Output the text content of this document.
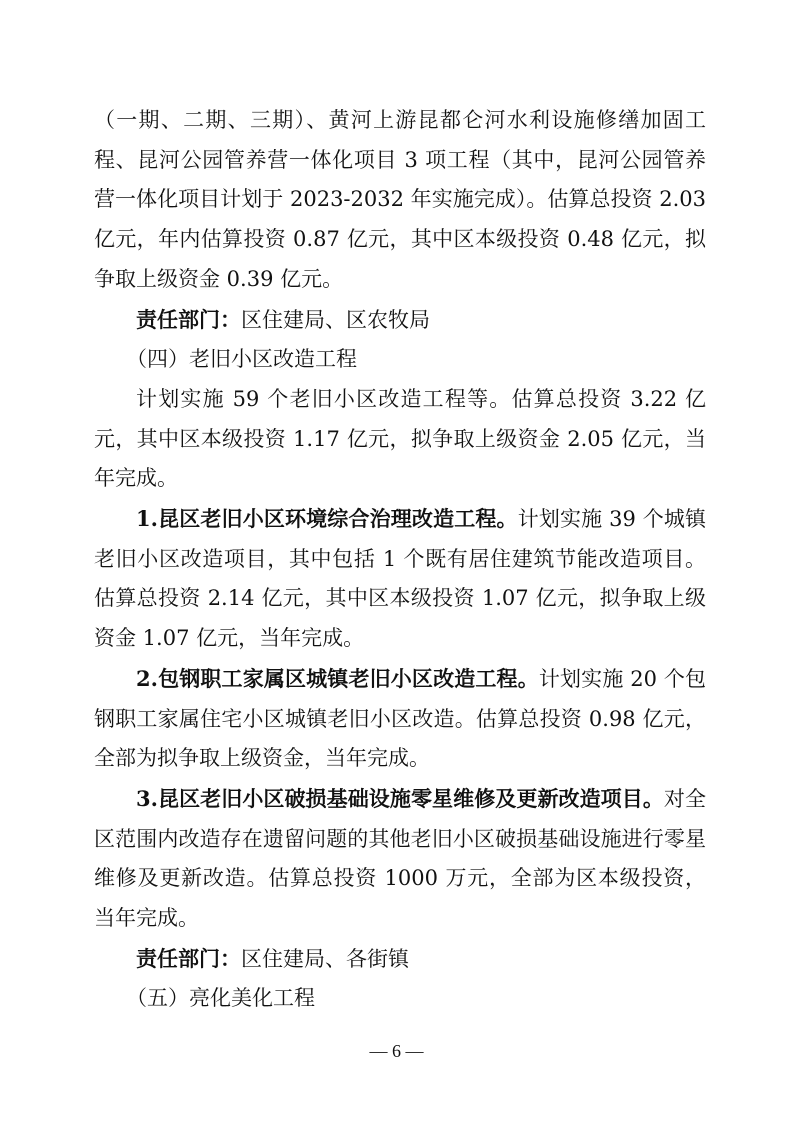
（一期、二期、三期）、黄河上游昆都仑河水利设施修缮加固工程、昆河公园管养营一体化项目 3 项工程（其中，昆河公园管养营一体化项目计划于 2023-2032 年实施完成）。估算总投资 2.03 亿元，年内估算投资 0.87 亿元，其中区本级投资 0.48 亿元，拟争取上级资金 0.39 亿元。

责任部门：区住建局、区农牧局

（四）老旧小区改造工程

计划实施 59 个老旧小区改造工程等。估算总投资 3.22 亿元，其中区本级投资 1.17 亿元，拟争取上级资金 2.05 亿元，当年完成。

1.昆区老旧小区环境综合治理改造工程。计划实施 39 个城镇老旧小区改造项目，其中包括 1 个既有居住建筑节能改造项目。估算总投资 2.14 亿元，其中区本级投资 1.07 亿元，拟争取上级资金 1.07 亿元，当年完成。

2.包钢职工家属区城镇老旧小区改造工程。计划实施 20 个包钢职工家属住宅小区城镇老旧小区改造。估算总投资 0.98 亿元，全部为拟争取上级资金，当年完成。

3.昆区老旧小区破损基础设施零星维修及更新改造项目。对全区范围内改造存在遗留问题的其他老旧小区破损基础设施进行零星维修及更新改造。估算总投资 1000 万元，全部为区本级投资，当年完成。

责任部门：区住建局、各街镇

（五）亮化美化工程

— 6 —
